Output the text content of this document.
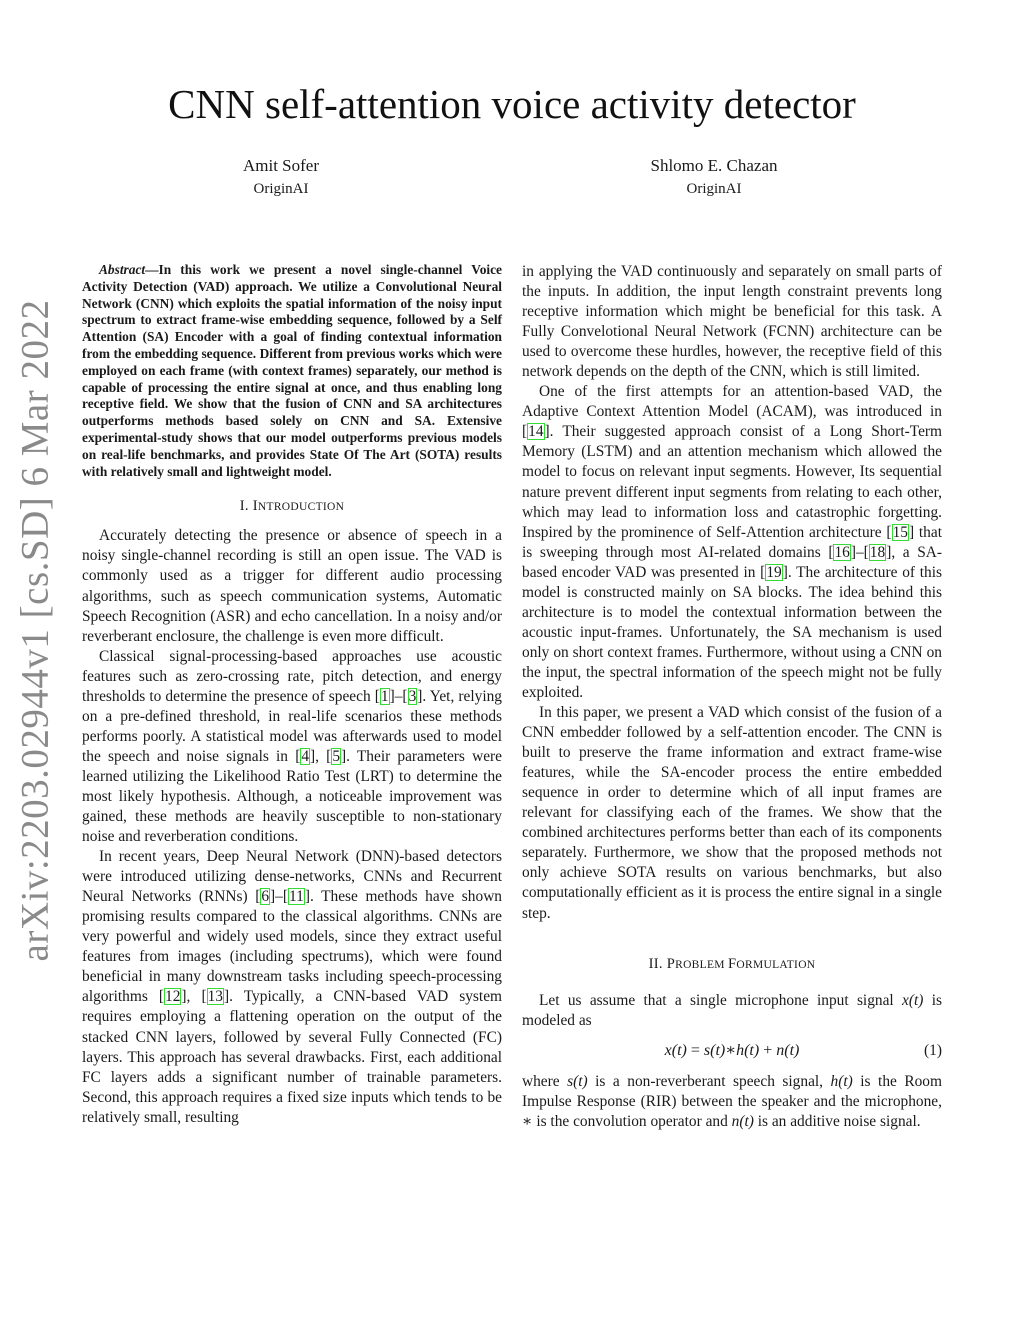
arXiv:2203.02944v1 [cs.SD] 6 Mar 2022
CNN self-attention voice activity detector
Amit Sofer
OriginAI
Shlomo E. Chazan
OriginAI

Abstract—In this work we present a novel single-channel Voice Activity Detection (VAD) approach. We utilize a Convolutional Neural Network (CNN) which exploits the spatial information of the noisy input spectrum to extract frame-wise embedding sequence, followed by a Self Attention (SA) Encoder with a goal of finding contextual information from the embedding sequence. Different from previous works which were employed on each frame (with context frames) separately, our method is capable of processing the entire signal at once, and thus enabling long receptive field. We show that the fusion of CNN and SA architectures outperforms methods based solely on CNN and SA. Extensive experimental-study shows that our model outperforms previous models on real-life benchmarks, and provides State Of The Art (SOTA) results with relatively small and lightweight model.

I. INTRODUCTION

Accurately detecting the presence or absence of speech in a noisy single-channel recording is still an open issue. The VAD is commonly used as a trigger for different audio processing algorithms, such as speech communication systems, Automatic Speech Recognition (ASR) and echo cancellation. In a noisy and/or reverberant enclosure, the challenge is even more difficult.

Classical signal-processing-based approaches use acoustic features such as zero-crossing rate, pitch detection, and energy thresholds to determine the presence of speech [1]–[3]. Yet, relying on a pre-defined threshold, in real-life scenarios these methods performs poorly. A statistical model was afterwards used to model the speech and noise signals in [4], [5]. Their parameters were learned utilizing the Likelihood Ratio Test (LRT) to determine the most likely hypothesis. Although, a noticeable improvement was gained, these methods are heavily susceptible to non-stationary noise and reverberation conditions.

In recent years, Deep Neural Network (DNN)-based detectors were introduced utilizing dense-networks, CNNs and Recurrent Neural Networks (RNNs) [6]–[11]. These methods have shown promising results compared to the classical algorithms. CNNs are very powerful and widely used models, since they extract useful features from images (including spectrums), which were found beneficial in many downstream tasks including speech-processing algorithms [12], [13]. Typically, a CNN-based VAD system requires employing a flattening operation on the output of the stacked CNN layers, followed by several Fully Connected (FC) layers. This approach has several drawbacks. First, each additional FC layers adds a significant number of trainable parameters. Second, this approach requires a fixed size inputs which tends to be relatively small, resulting

in applying the VAD continuously and separately on small parts of the inputs. In addition, the input length constraint prevents long receptive information which might be beneficial for this task. A Fully Convelotional Neural Network (FCNN) architecture can be used to overcome these hurdles, however, the receptive field of this network depends on the depth of the CNN, which is still limited.

One of the first attempts for an attention-based VAD, the Adaptive Context Attention Model (ACAM), was introduced in [14]. Their suggested approach consist of a Long Short-Term Memory (LSTM) and an attention mechanism which allowed the model to focus on relevant input segments. However, Its sequential nature prevent different input segments from relating to each other, which may lead to information loss and catastrophic forgetting. Inspired by the prominence of Self-Attention architecture [15] that is sweeping through most AI-related domains [16]–[18], a SA-based encoder VAD was presented in [19]. The architecture of this model is constructed mainly on SA blocks. The idea behind this architecture is to model the contextual information between the acoustic input-frames. Unfortunately, the SA mechanism is used only on short context frames. Furthermore, without using a CNN on the input, the spectral information of the speech might not be fully exploited.

In this paper, we present a VAD which consist of the fusion of a CNN embedder followed by a self-attention encoder. The CNN is built to preserve the frame information and extract frame-wise features, while the SA-encoder process the entire embedded sequence in order to determine which of all input frames are relevant for classifying each of the frames. We show that the combined architectures performs better than each of its components separately. Furthermore, we show that the proposed methods not only achieve SOTA results on various benchmarks, but also computationally efficient as it is process the entire signal in a single step.

II. PROBLEM FORMULATION

Let us assume that a single microphone input signal x(t) is modeled as

x(t) = s(t)∗h(t) + n(t)	(1)

where s(t) is a non-reverberant speech signal, h(t) is the Room Impulse Response (RIR) between the speaker and the microphone, ∗ is the convolution operator and n(t) is an additive noise signal.
